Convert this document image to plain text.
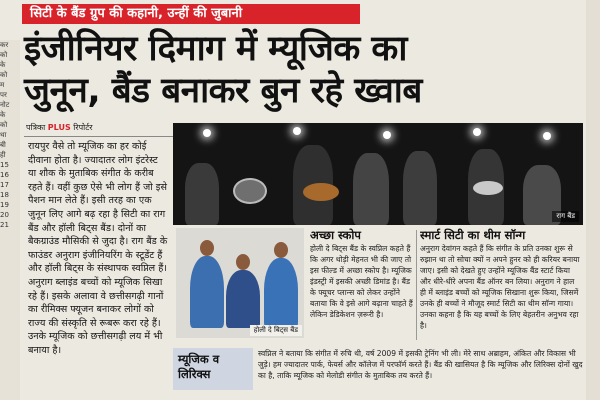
कर
को
के
को
म
पर
नोट
के
को
था
बी
ही
15
16
17
18
19
20
21
सिटी के बैंड ग्रुप की कहानी, उन्हीं की जुबानी
इंजीनियर दिमाग में म्यूजिक का
जुनून, बैंड बनाकर बुन रहे ख्वाब
पत्रिका PLUS रिपोर्टर
रायपुर वैसे तो म्यूजिक का हर कोई दीवाना होता है। ज्यादातर लोग इंटरेस्ट या शौक के मुताबिक संगीत के करीब रहते हैं। वहीं कुछ ऐसे भी लोग हैं जो इसे पैशन मान लेते हैं। इसी तरह का एक जुनून लिए आगे बढ़ रहा है सिटी का राग बैंड और हॉली बिट्स बैंड। दोनों का बैकग्राउंड मौसिकी से जुदा है। राग बैंड के फाउंडर अनुराग इंजीनियरिंग के स्टूडेंट हैं और हॉली बिट्स के संस्थापक स्वप्निल हैं। अनुराग ब्लाइंड बच्चों को म्यूजिक सिखा रहे हैं। इसके अलावा वे छत्तीसगढ़ी गानों का रीमिक्स फ्यूजन बनाकर लोगों को राज्य की संस्कृति से रूबरू करा रहे हैं। उनके म्यूजिक को छत्तीसगढ़ी लय में भी बनाया है।
राग बैंड
होली दे बिट्स बैंड
अच्छा स्कोप
होली दे बिट्स बैंड के स्वप्निल कहते हैं कि अगर थोड़ी मेहनत भी की जाए तो इस फील्ड में अच्छा स्कोप है। म्यूजिक इंडस्ट्री में इसकी अच्छी डिमांड है। बैंड के फ्यूचर प्लान्स को लेकर उन्होंने बताया कि वे इसे आगे बढ़ाना चाहते हैं लेकिन डेडिकेशन ज़रूरी है।
स्मार्ट सिटी का थीम सॉन्ग
अनुराग देवांगन कहते हैं कि संगीत के प्रति उनका शुरू से रुझान था तो सोचा क्यों न अपने हुनर को ही करियर बनाया जाए। इसी को देखते हुए उन्होंने म्यूजिक बैंड स्टार्ट किया और धीरे-धीरे अपना बैंड ऑनर बन लिया। अनुराग ने हाल ही में ब्लाइंड बच्चों को म्यूजिक सिखाना शुरू किया, जिसमें उनके ही बच्चों ने मौजूद स्मार्ट सिटी का थीम सॉन्ग गाया। उनका कहना है कि यह बच्चों के लिए बेहतरीन अनुभव रहा है।
म्यूजिक व लिरिक्स
स्वप्निल ने बताया कि संगीत में रुचि थी, वर्ष 2009 में इसकी ट्रेनिंग भी ली। मेरे साथ अब्राहम, अंकित और विकास भी जुड़े। हम ज्यादातर पार्क, फेयर्स और कॉलेज में परफॉर्म करते हैं। बैंड की खासियत है कि म्यूजिक और लिरिक्स दोनों खुद का है, ताकि म्यूजिक को मेलोडी संगीत के मुताबिक तय करते हैं।
